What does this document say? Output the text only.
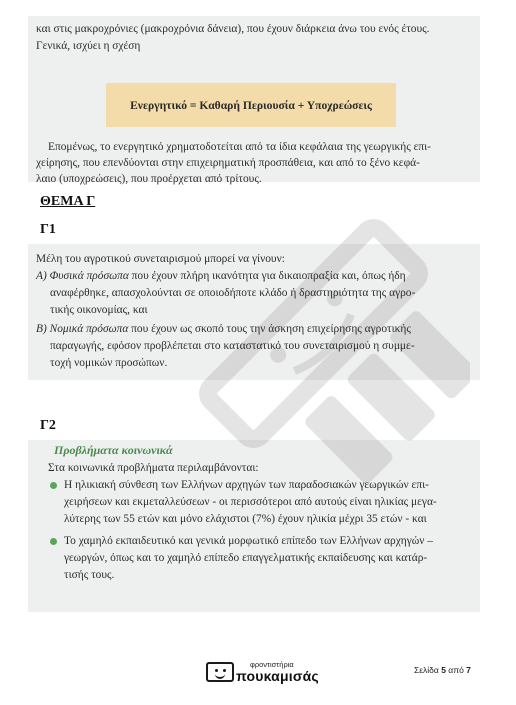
και στις μακροχρόνιες (μακροχρόνια δάνεια), που έχουν διάρκεια άνω του ενός έτους.
Γενικά, ισχύει η σχέση
Ενεργητικό = Καθαρή Περιουσία + Υποχρεώσεις
Επομένως, το ενεργητικό χρηματοδοτείται από τα ίδια κεφάλαια της γεωργικής επι-
χείρησης, που επενδύονται στην επιχειρηματική προσπάθεια, και από το ξένο κεφά-
λαιο (υποχρεώσεις), που προέρχεται από τρίτους.
ΘΕΜΑ Γ
Γ1
Μέλη του αγροτικού συνεταιρισμού μπορεί να γίνουν:
A) Φυσικά πρόσωπα που έχουν πλήρη ικανότητα για δικαιοπραξία και, όπως ήδη
αναφέρθηκε, απασχολούνται σε οποιοδήποτε κλάδο ή δραστηριότητα της αγρο-
τικής οικονομίας, και
B) Νομικά πρόσωπα που έχουν ως σκοπό τους την άσκηση επιχείρησης αγροτικής
παραγωγής, εφόσον προβλέπεται στο καταστατικό του συνεταιρισμού η συμμε-
τοχή νομικών προσώπων.
Γ2
Προβλήματα κοινωνικά
Στα κοινωνικά προβλήματα περιλαμβάνονται:
Η ηλικιακή σύνθεση των Ελλήνων αρχηγών των παραδοσιακών γεωργικών επι-
χειρήσεων και εκμεταλλεύσεων - οι περισσότεροι από αυτούς είναι ηλικίας μεγα-
λύτερης των 55 ετών και μόνο ελάχιστοι (7%) έχουν ηλικία μέχρι 35 ετών - και
Το χαμηλό εκπαιδευτικό και γενικά μορφωτικό επίπεδο των Ελλήνων αρχηγών –
γεωργών, όπως και το χαμηλό επίπεδο επαγγελματικής εκπαίδευσης και κατάρ-
τισής τους.
φροντιστήρια
πουκαμισάς	Σελίδα 5 από 7
